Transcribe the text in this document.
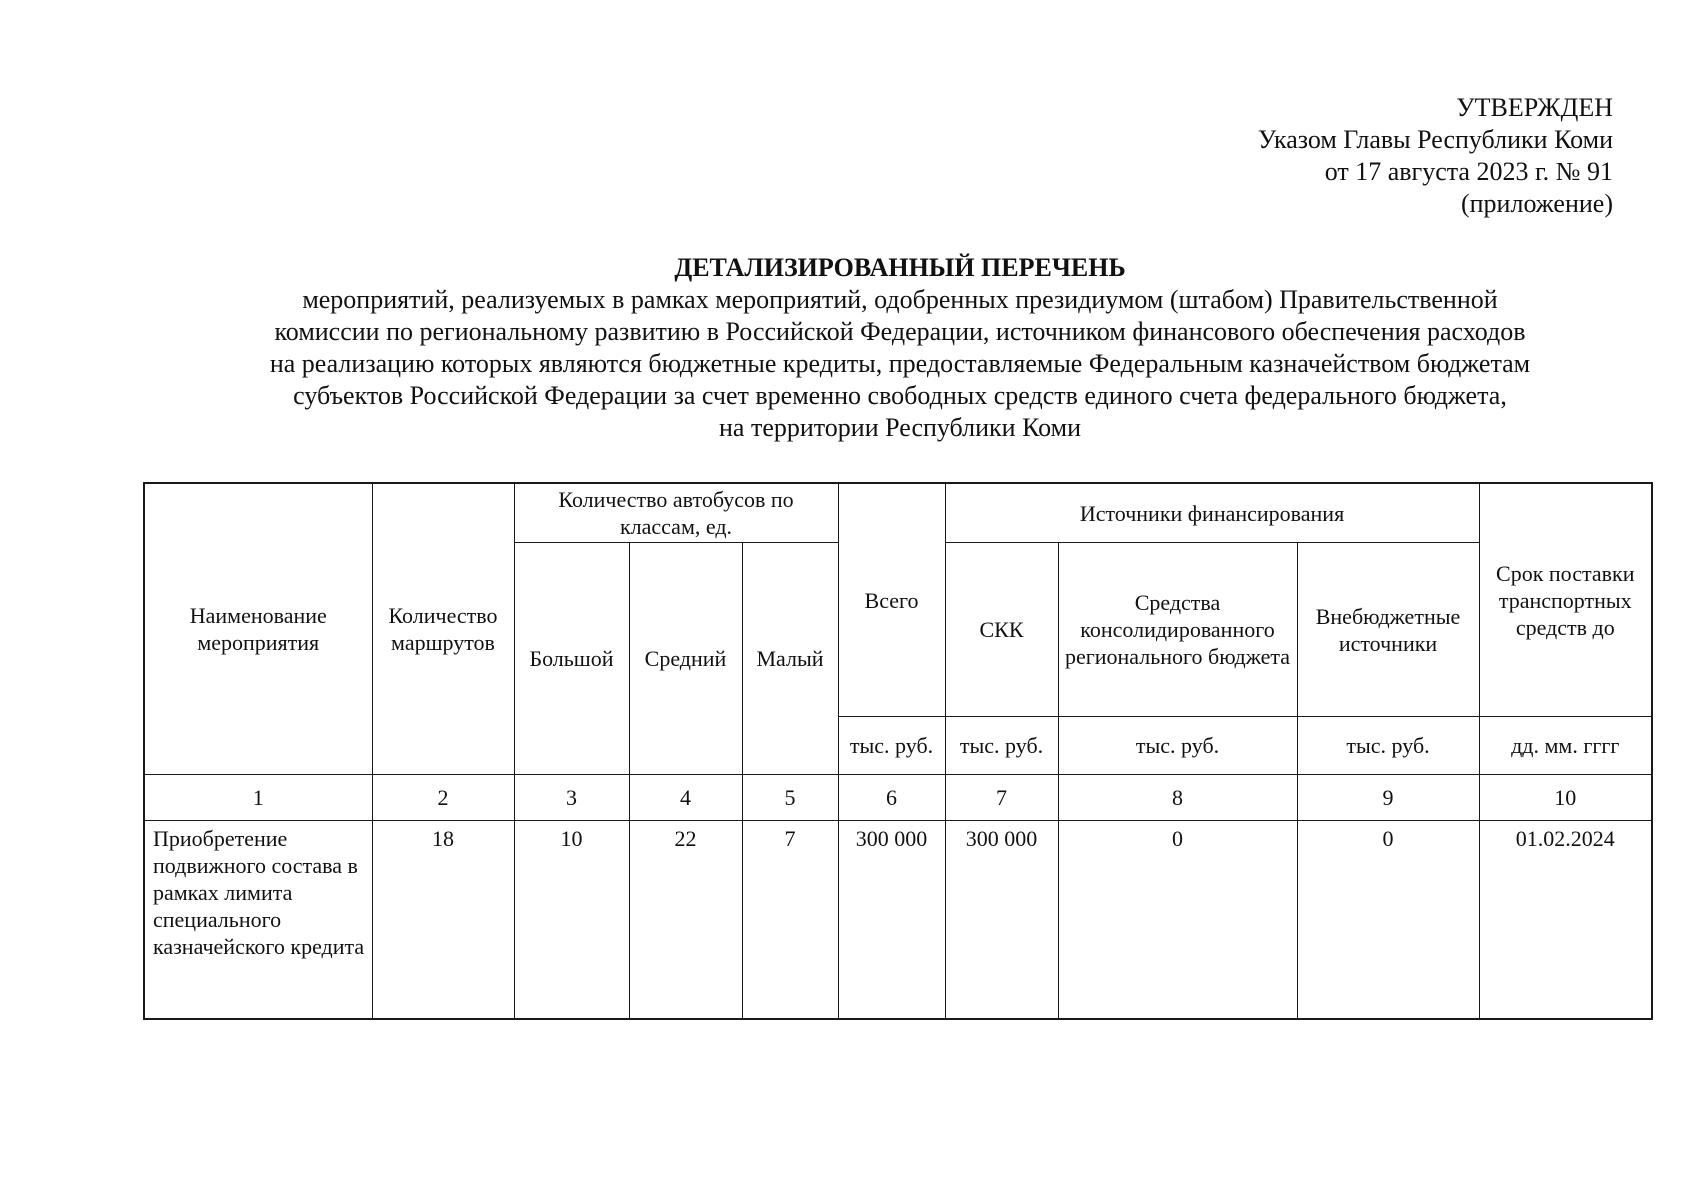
УТВЕРЖДЕН
Указом Главы Республики Коми
от 17 августа 2023 г. № 91
(приложение)
ДЕТАЛИЗИРОВАННЫЙ ПЕРЕЧЕНЬ
мероприятий, реализуемых в рамках мероприятий, одобренных президиумом (штабом) Правительственной
комиссии по региональному развитию в Российской Федерации, источником финансового обеспечения расходов
на реализацию которых являются бюджетные кредиты, предоставляемые Федеральным казначейством бюджетам
субъектов Российской Федерации за счет временно свободных средств единого счета федерального бюджета,
на территории Республики Коми
Наименование мероприятия	Количество маршрутов	Количество автобусов по классам, ед.			Всего	Источники финансирования			Срок поставки транспортных средств до
		Большой	Средний	Малый		СКК	Средства консолидированного регионального бюджета	Внебюджетные источники	
					тыс. руб.	тыс. руб.	тыс. руб.	тыс. руб.	дд. мм. гггг
1	2	3	4	5	6	7	8	9	10
Приобретение подвижного состава в рамках лимита специального казначейского кредита	18	10	22	7	300 000	300 000	0	0	01.02.2024
